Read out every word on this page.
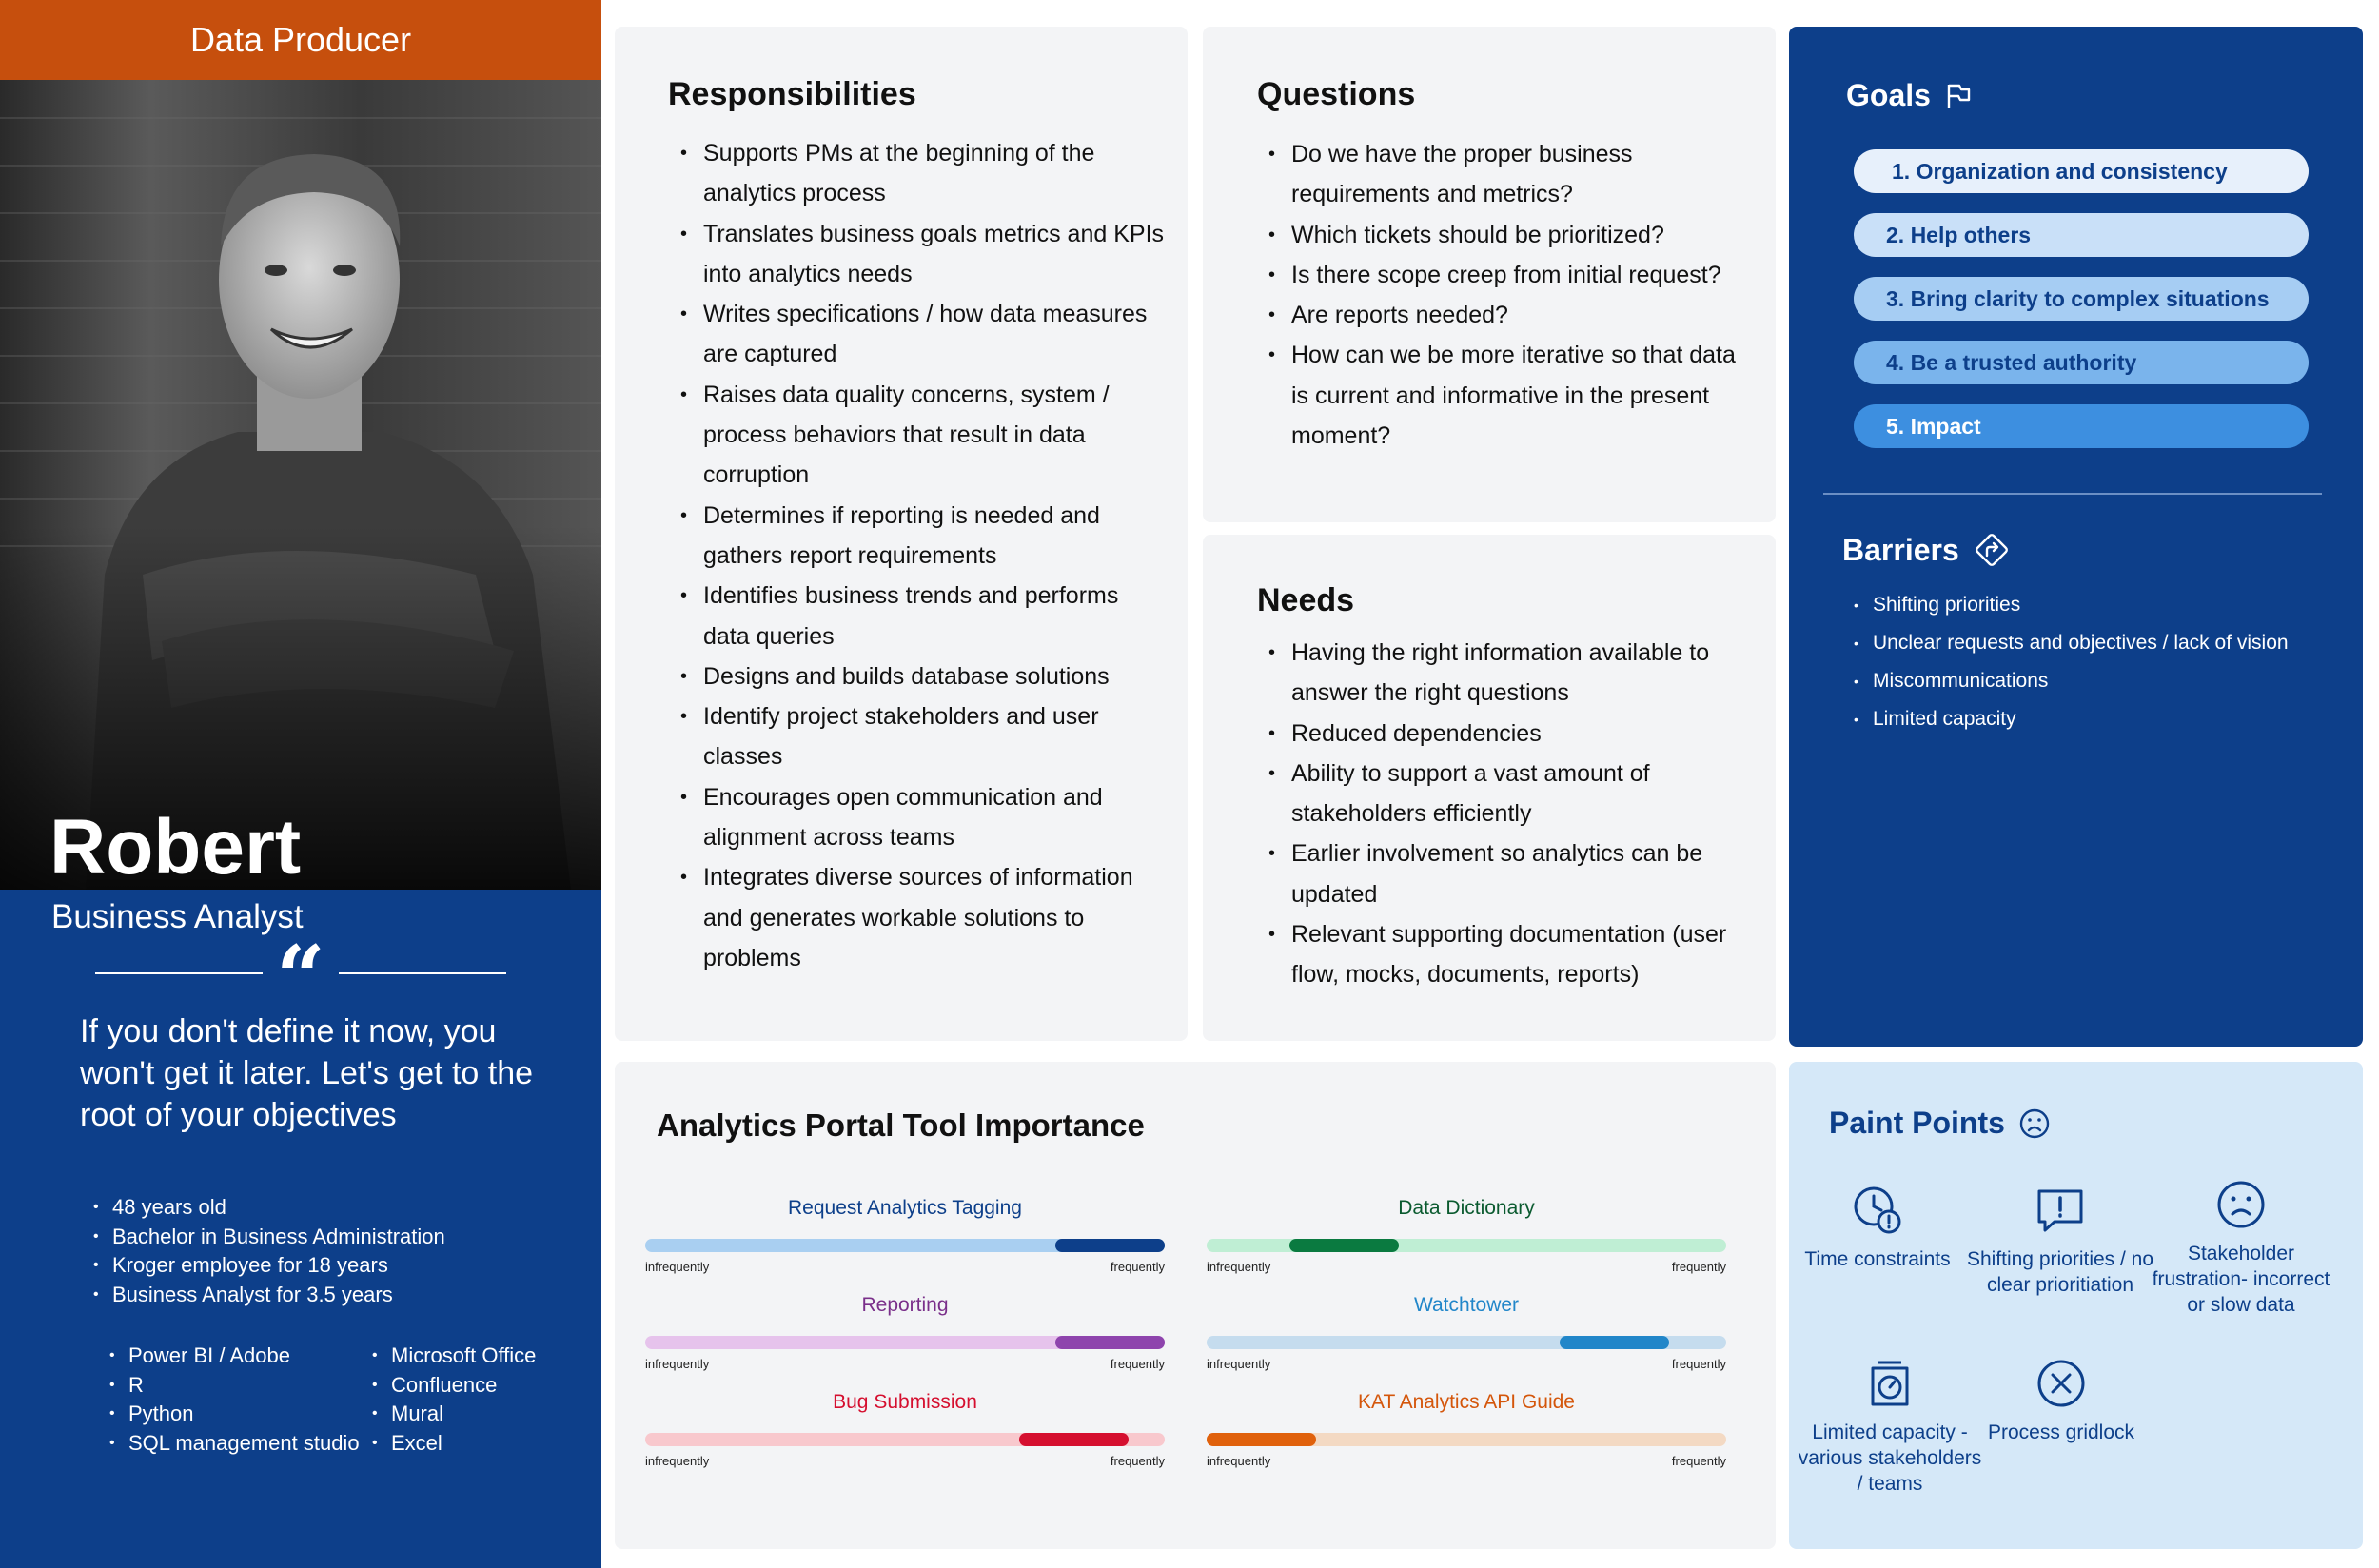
Data Producer
Robert
Business Analyst
“
If you don't define it now, you won't get it later. Let's get to the root of your objectives
• 48 years old
• Bachelor in Business Administration
• Kroger employee for 18 years
• Business Analyst for 3.5 years
• Power BI / Adobe
• R
• Python
• SQL management studio
• Microsoft Office
• Confluence
• Mural
• Excel
Responsibilities
• Supports PMs at the beginning of the analytics process
• Translates business goals metrics and KPIs into analytics needs
• Writes specifications / how data measures are captured
• Raises data quality concerns, system / process behaviors that result in data corruption
• Determines if reporting is needed and gathers report requirements
• Identifies business trends and performs data queries
• Designs and builds database solutions
• Identify project stakeholders and user classes
• Encourages open communication and alignment across teams
• Integrates diverse sources of information and generates workable solutions to problems
Questions
• Do we have the proper business requirements and metrics?
• Which tickets should be prioritized?
• Is there scope creep from initial request?
• Are reports needed?
• How can we be more iterative so that data is current and informative in the present moment?
Needs
• Having the right information available to answer the right questions
• Reduced dependencies
• Ability to support a vast amount of stakeholders efficiently
• Earlier involvement so analytics can be updated
• Relevant supporting documentation (user flow, mocks, documents, reports)
Goals
1. Organization and consistency
2. Help others
3. Bring clarity to complex situations
4. Be a trusted authority
5. Impact
Barriers
• Shifting priorities
• Unclear requests and objectives / lack of vision
• Miscommunications
• Limited capacity
Analytics Portal Tool Importance
Request Analytics Tagging
infrequently	frequently
Data Dictionary
infrequently	frequently
Reporting
infrequently	frequently
Watchtower
infrequently	frequently
Bug Submission
infrequently	frequently
KAT Analytics API Guide
infrequently	frequently
Paint Points
Time constraints Shifting priorities / no clear prioritiation
Stakeholder frustration- incorrect or slow data
Limited capacity - various stakeholders / teams
Process gridlock
